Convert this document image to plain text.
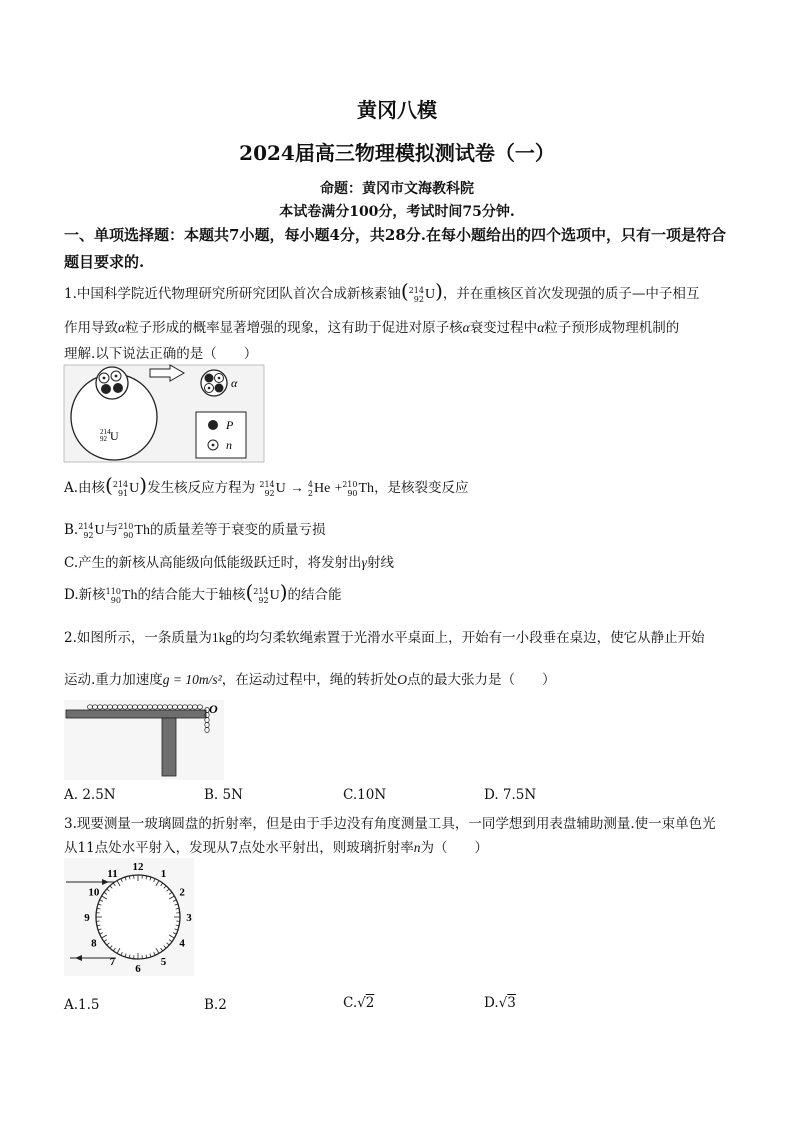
黄冈八模
2024届高三物理模拟测试卷（一）
命题：黄冈市文海教科院
本试卷满分100分，考试时间75分钟.
一、单项选择题：本题共7小题，每小题4分，共28分.在每小题给出的四个选项中，只有一项是符合题目要求的.
1.中国科学院近代物理研究所研究团队首次合成新核素铀( 214
92 U )，并在重核区首次发现强的质子—中子相互
作用导致α粒子形成的概率显著增强的现象，这有助于促进对原子核α衰变过程中α粒子预形成物理机制的
理解.以下说法正确的是（　　）
214
92 U
α
P
n
A.由核( 214
91 U )发生核反应方程为 214
92 U → 4
2 He + 210
90 Th ，是核裂变反应
B. 214
92 U 与 210
90 Th 的质量差等于衰变的质量亏损
C.产生的新核从高能级向低能级跃迁时，将发射出γ射线
D.新核 110
90 Th 的结合能大于轴核( 214
92 U )的结合能
2.如图所示，一条质量为1kg的均匀柔软绳索置于光滑水平桌面上，开始有一小段垂在桌边，使它从静止开始
运动.重力加速度g = 10m/s²，在运动过程中，绳的转折处O点的最大张力是（　　）
O
A. 2.5N	B. 5N	C.10N	D. 7.5N
3.现要测量一玻璃圆盘的折射率，但是由于手边没有角度测量工具，一同学想到用表盘辅助测量.使一束单色光
从11点处水平射入，发现从7点处水平射出，则玻璃折射率n为（　　）
12
1
2
3
4
5
6
7
8
9
10
11
A.1.5	B.2	C.√2	D.√3
